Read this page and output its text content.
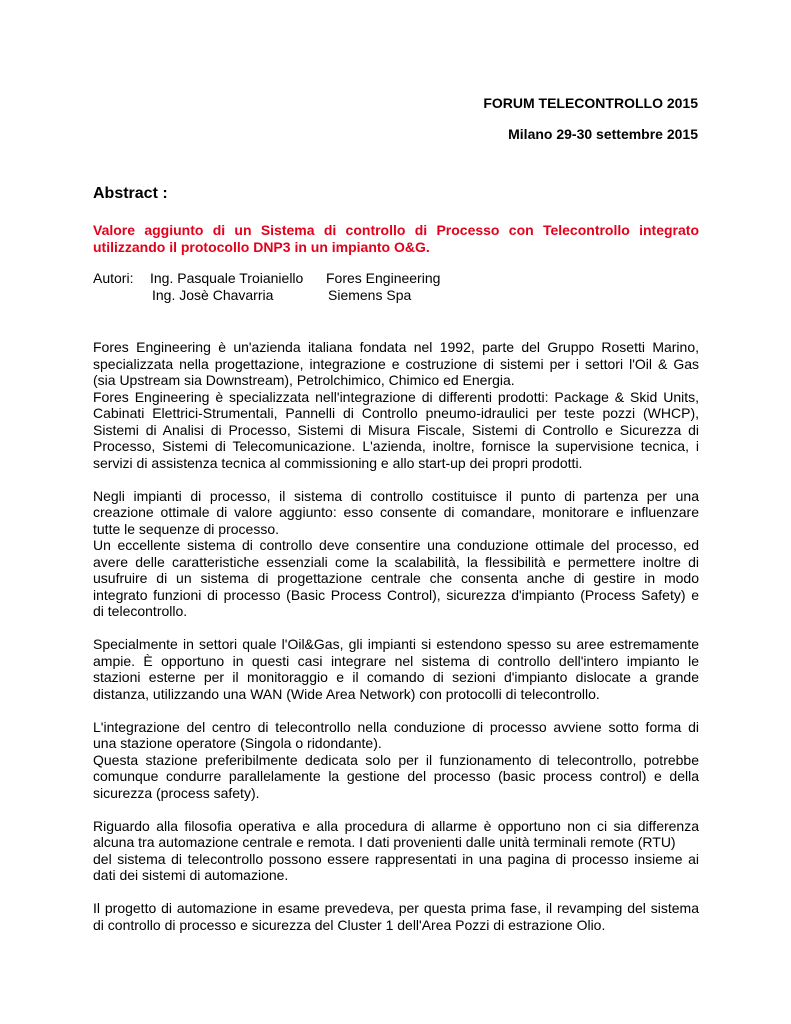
FORUM TELECONTROLLO 2015
Milano 29-30 settembre 2015
Abstract :
Valore aggiunto di un Sistema di controllo di Processo con Telecontrollo integrato
utilizzando il protocollo DNP3 in un impianto O&G.
Autori: Ing. Pasquale Troianiello Fores Engineering
Ing. Josè Chavarria	Siemens Spa
Fores Engineering è un'azienda italiana fondata nel 1992, parte del Gruppo Rosetti Marino,
specializzata nella progettazione, integrazione e costruzione di sistemi per i settori l'Oil & Gas
(sia Upstream sia Downstream), Petrolchimico, Chimico ed Energia.
Fores Engineering è specializzata nell'integrazione di differenti prodotti: Package & Skid Units,
Cabinati Elettrici-Strumentali, Pannelli di Controllo pneumo-idraulici per teste pozzi (WHCP),
Sistemi di Analisi di Processo, Sistemi di Misura Fiscale, Sistemi di Controllo e Sicurezza di
Processo, Sistemi di Telecomunicazione. L'azienda, inoltre, fornisce la supervisione tecnica, i
servizi di assistenza tecnica al commissioning e allo start-up dei propri prodotti.
Negli impianti di processo, il sistema di controllo costituisce il punto di partenza per una
creazione ottimale di valore aggiunto: esso consente di comandare, monitorare e influenzare
tutte le sequenze di processo.
Un eccellente sistema di controllo deve consentire una conduzione ottimale del processo, ed
avere delle caratteristiche essenziali come la scalabilità, la flessibilità e permettere inoltre di
usufruire di un sistema di progettazione centrale che consenta anche di gestire in modo
integrato funzioni di processo (Basic Process Control), sicurezza d'impianto (Process Safety) e
di telecontrollo.
Specialmente in settori quale l'Oil&Gas, gli impianti si estendono spesso su aree estremamente
ampie. È opportuno in questi casi integrare nel sistema di controllo dell'intero impianto le
stazioni esterne per il monitoraggio e il comando di sezioni d'impianto dislocate a grande
distanza, utilizzando una WAN (Wide Area Network) con protocolli di telecontrollo.
L'integrazione del centro di telecontrollo nella conduzione di processo avviene sotto forma di
una stazione operatore (Singola o ridondante).
Questa stazione preferibilmente dedicata solo per il funzionamento di telecontrollo, potrebbe
comunque condurre parallelamente la gestione del processo (basic process control) e della
sicurezza (process safety).
Riguardo alla filosofia operativa e alla procedura di allarme è opportuno non ci sia differenza
alcuna tra automazione centrale e remota. I dati provenienti dalle unità terminali remote (RTU)
del sistema di telecontrollo possono essere rappresentati in una pagina di processo insieme ai
dati dei sistemi di automazione.
Il progetto di automazione in esame prevedeva, per questa prima fase, il revamping del sistema
di controllo di processo e sicurezza del Cluster 1 dell'Area Pozzi di estrazione Olio.
